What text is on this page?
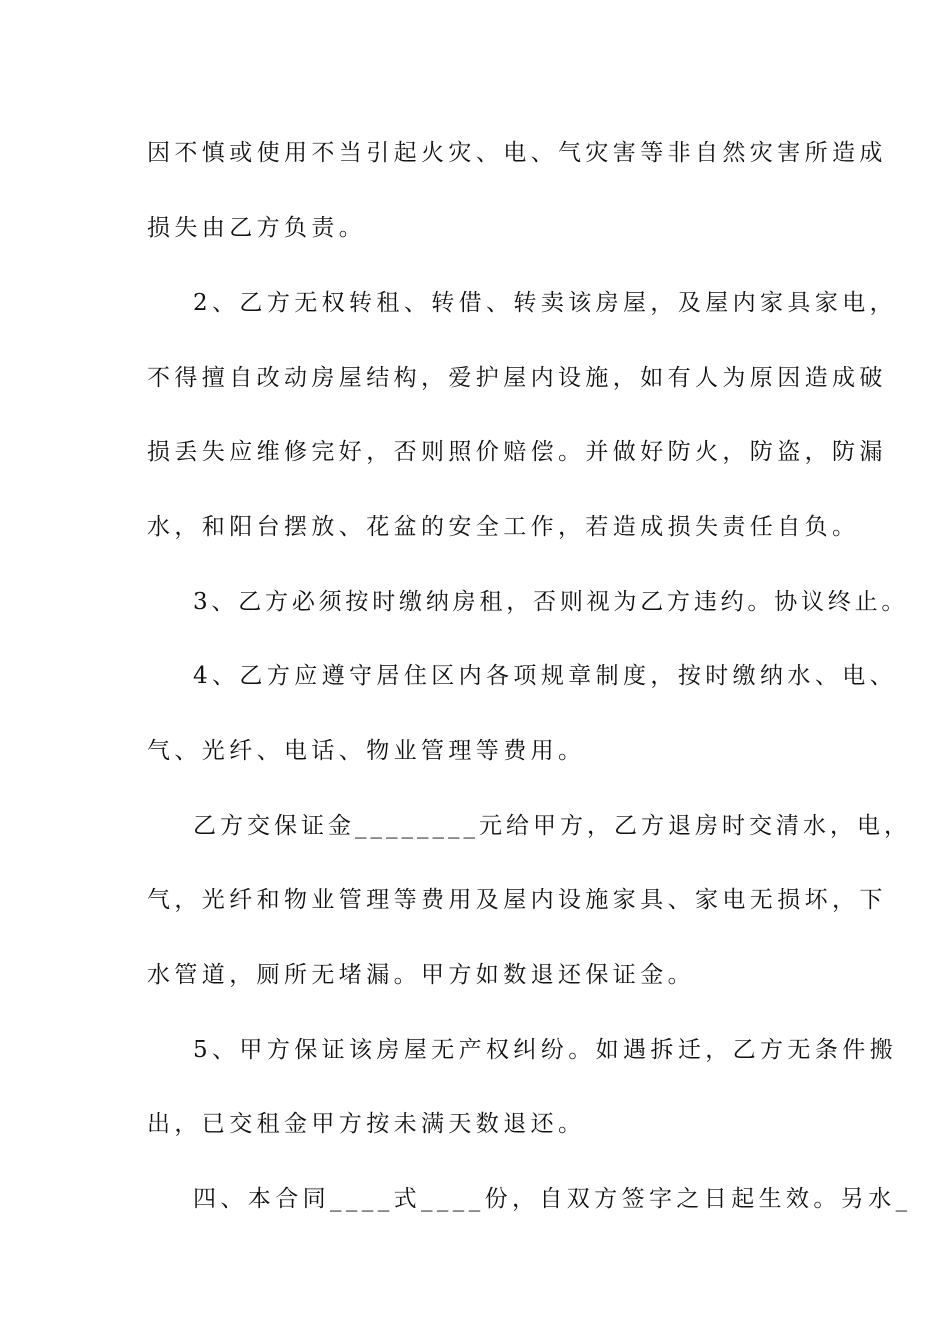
因不慎或使用不当引起火灾、电、气灾害等非自然灾害所造成
损失由乙方负责。
2、乙方无权转租、转借、转卖该房屋，及屋内家具家电，
不得擅自改动房屋结构，爱护屋内设施，如有人为原因造成破
损丢失应维修完好，否则照价赔偿。并做好防火，防盗，防漏
水，和阳台摆放、花盆的安全工作，若造成损失责任自负。
3、乙方必须按时缴纳房租，否则视为乙方违约。协议终止。
4、乙方应遵守居住区内各项规章制度，按时缴纳水、电、
气、光纤、电话、物业管理等费用。
乙方交保证金________元给甲方，乙方退房时交清水，电，
气，光纤和物业管理等费用及屋内设施家具、家电无损坏，下
水管道，厕所无堵漏。甲方如数退还保证金。
5、甲方保证该房屋无产权纠纷。如遇拆迁，乙方无条件搬
出，已交租金甲方按未满天数退还。
四、本合同____式____份，自双方签字之日起生效。另水_
